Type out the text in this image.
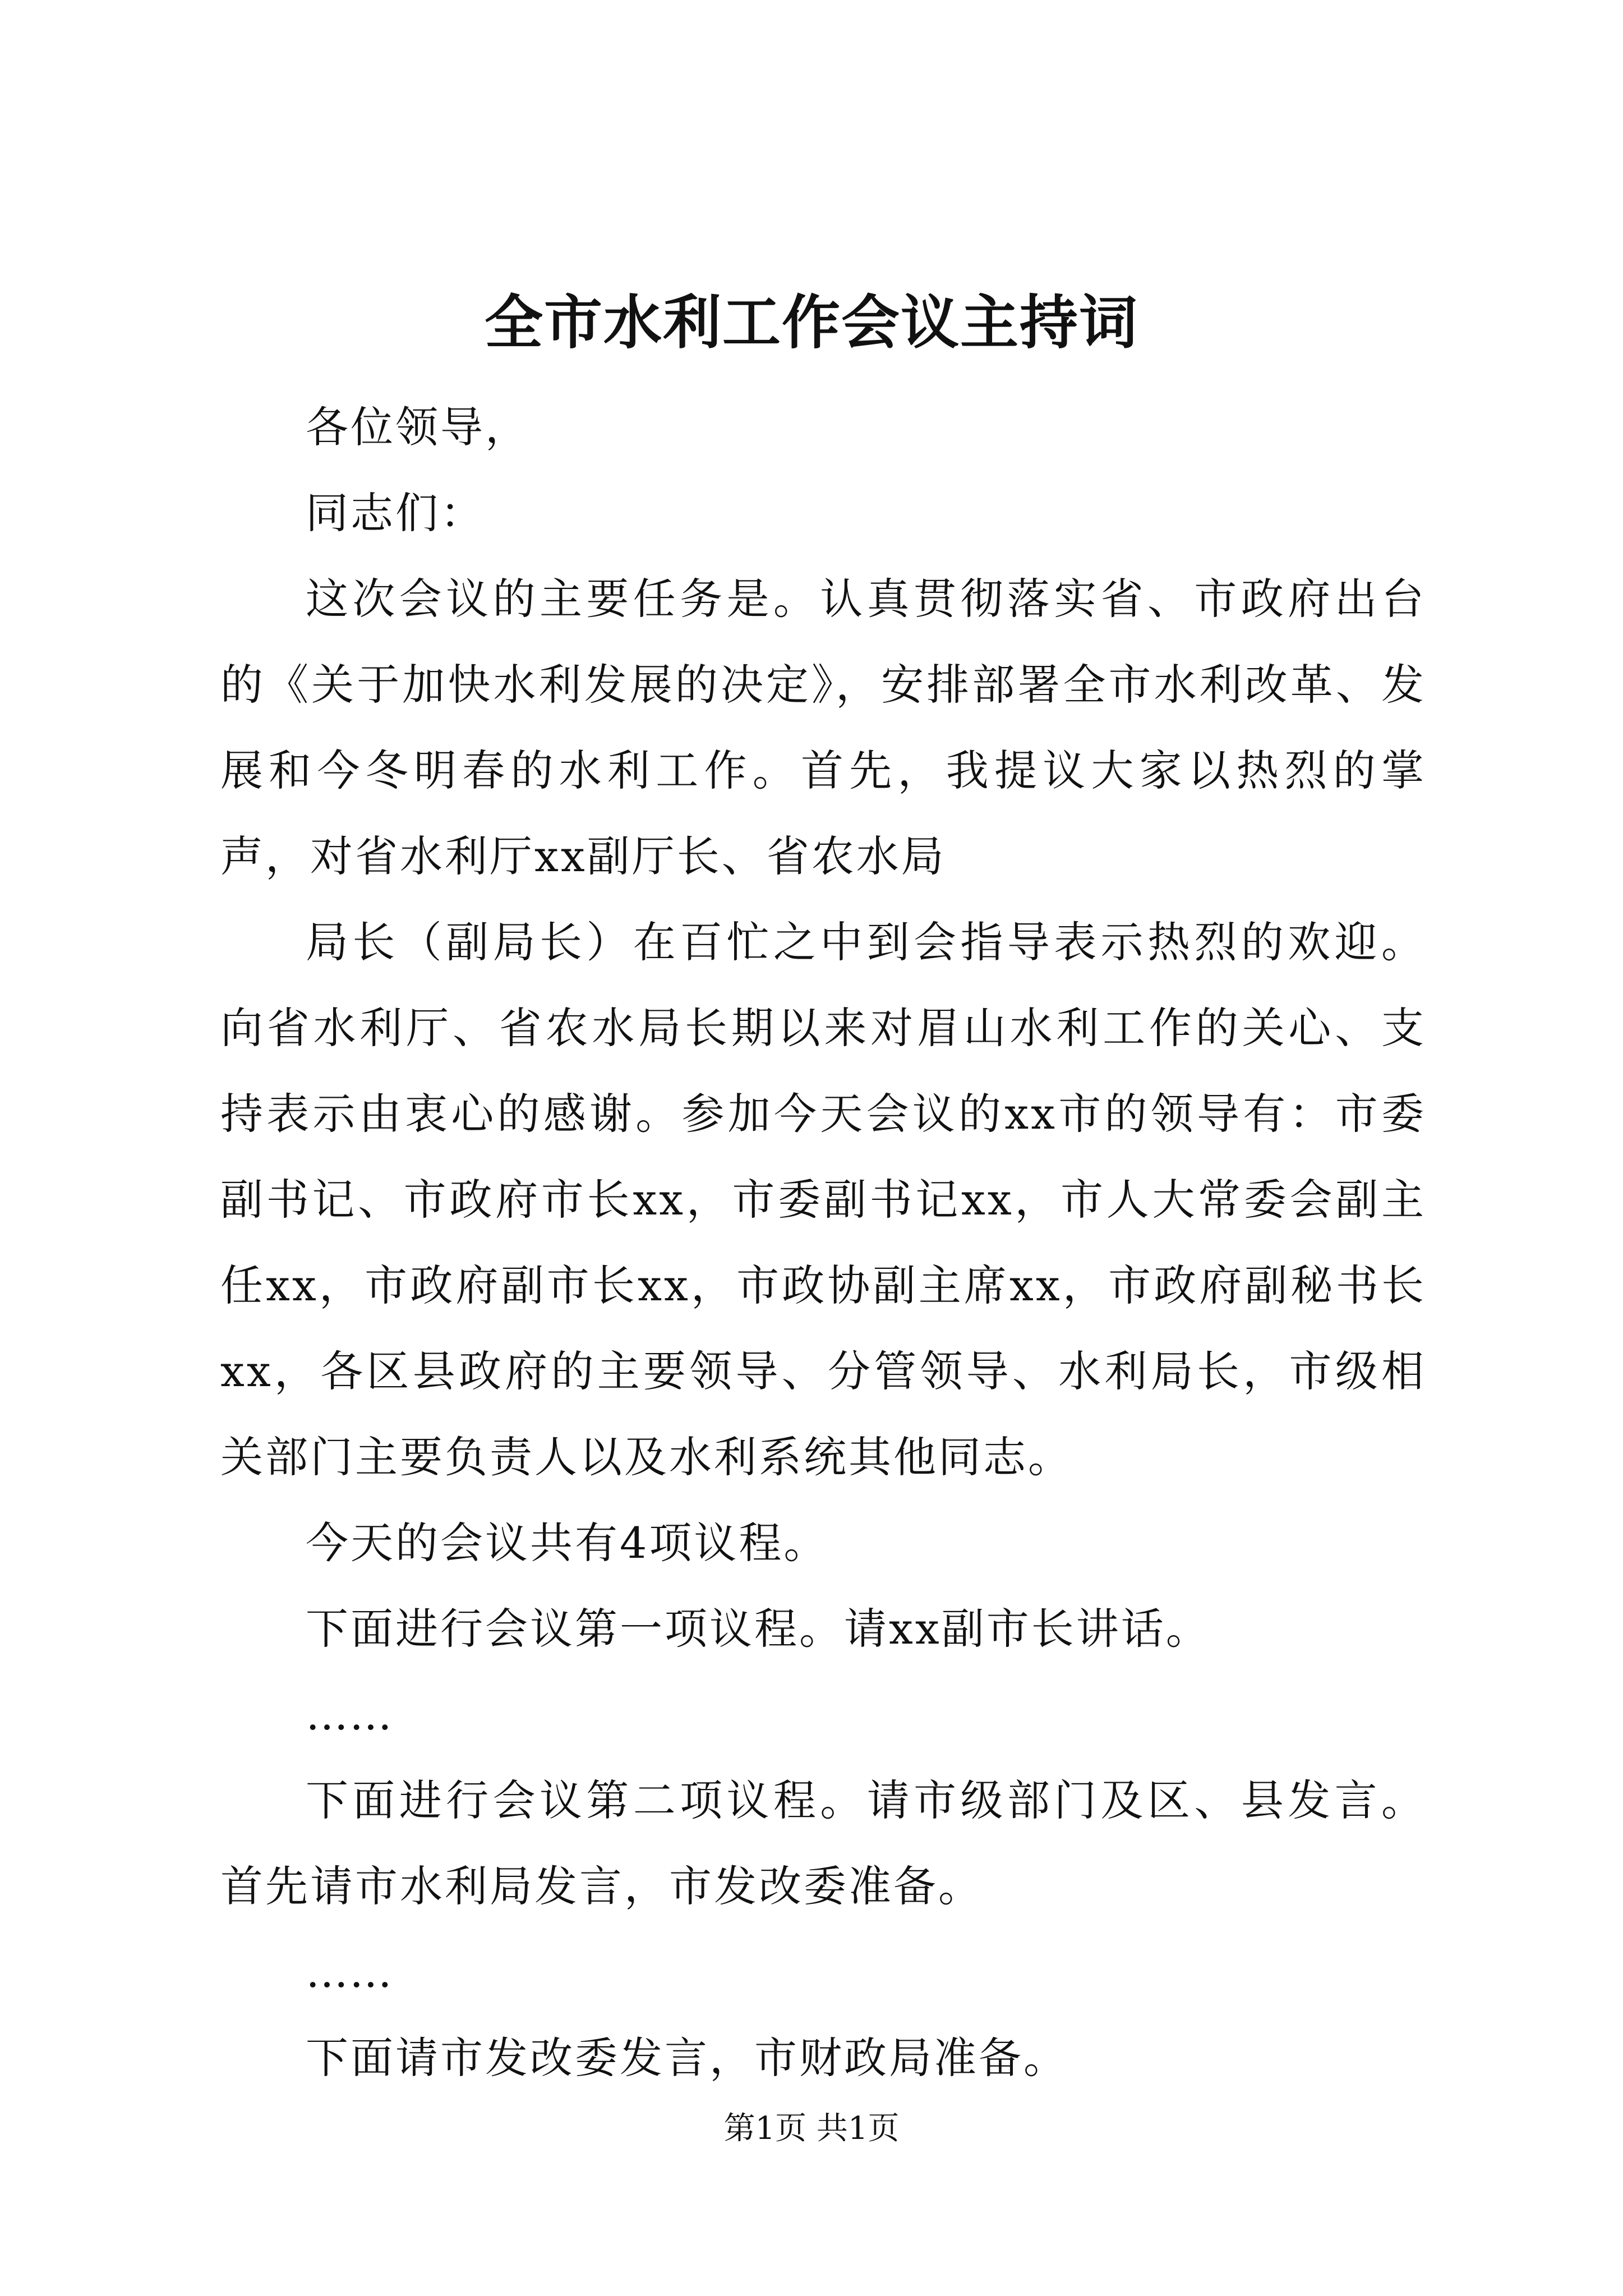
全市水利工作会议主持词

各位领导，

同志们：

这次会议的主要任务是。认真贯彻落实省、市政府出台的《关于加快水利发展的决定》，安排部署全市水利改革、发展和今冬明春的水利工作。首先，我提议大家以热烈的掌声，对省水利厅xx副厅长、省农水局

局长（副局长）在百忙之中到会指导表示热烈的欢迎。向省水利厅、省农水局长期以来对眉山水利工作的关心、支持表示由衷心的感谢。参加今天会议的xx市的领导有：市委副书记、市政府市长xx，市委副书记xx，市人大常委会副主任xx，市政府副市长xx，市政协副主席xx，市政府副秘书长xx，各区县政府的主要领导、分管领导、水利局长，市级相关部门主要负责人以及水利系统其他同志。

今天的会议共有4项议程。

下面进行会议第一项议程。请xx副市长讲话。

……

下面进行会议第二项议程。请市级部门及区、县发言。首先请市水利局发言，市发改委准备。

……

下面请市发改委发言，市财政局准备。

第1页 共1页
